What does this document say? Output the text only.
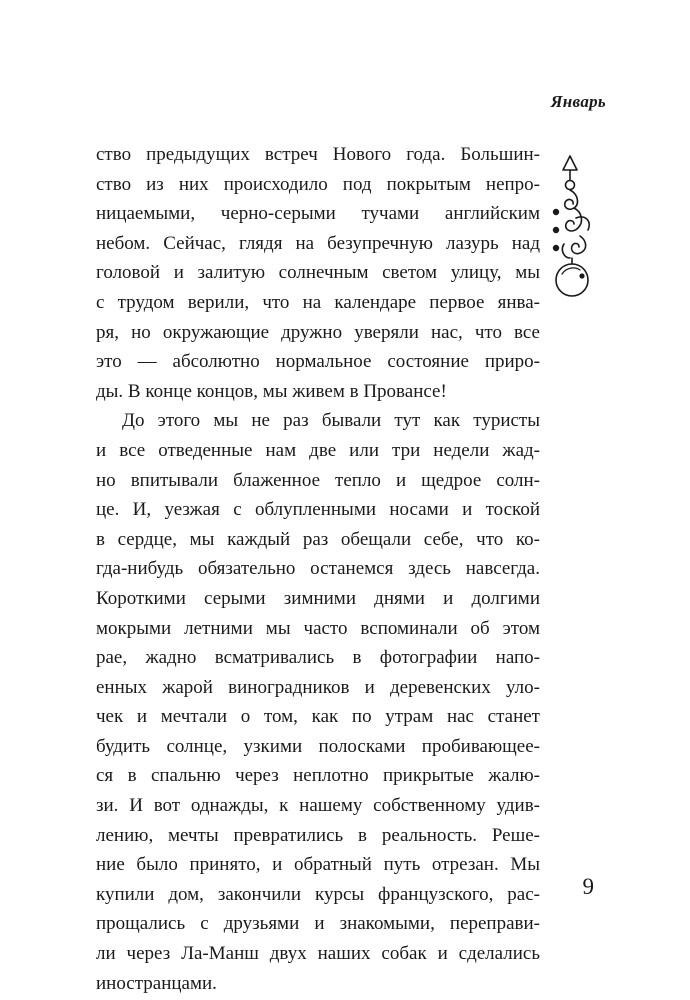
Январь
ство предыдущих встреч Нового года. Большин-
ство из них происходило под покрытым непро-
ницаемыми, черно-серыми тучами английским
небом. Сейчас, глядя на безупречную лазурь над
головой и залитую солнечным светом улицу, мы
с трудом верили, что на календаре первое янва-
ря, но окружающие дружно уверяли нас, что все
это — абсолютно нормальное состояние приро-
ды. В конце концов, мы живем в Провансе!
До этого мы не раз бывали тут как туристы
и все отведенные нам две или три недели жад-
но впитывали блаженное тепло и щедрое солн-
це. И, уезжая с облупленными носами и тоской
в сердце, мы каждый раз обещали себе, что ко-
гда-нибудь обязательно останемся здесь навсегда.
Короткими серыми зимними днями и долгими
мокрыми летними мы часто вспоминали об этом
рае, жадно всматривались в фотографии напо-
енных жарой виноградников и деревенских уло-
чек и мечтали о том, как по утрам нас станет
будить солнце, узкими полосками пробивающее-
ся в спальню через неплотно прикрытые жалю-
зи. И вот однажды, к нашему собственному удив-
лению, мечты превратились в реальность. Реше-
ние было принято, и обратный путь отрезан. Мы
купили дом, закончили курсы французского, рас-
прощались с друзьями и знакомыми, переправи-
ли через Ла-Манш двух наших собак и сделались
иностранцами.
9
